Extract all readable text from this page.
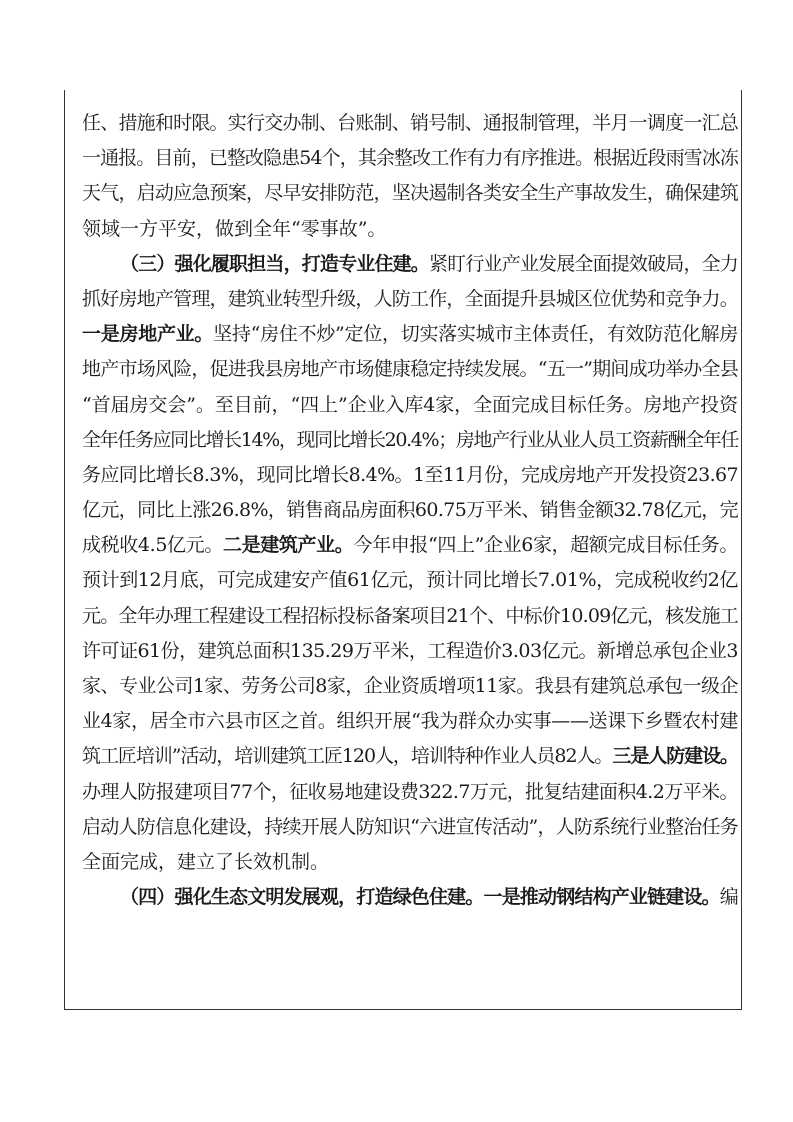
任、措施和时限。实行交办制、台账制、销号制、通报制管理，半月一调度一汇总
一通报。目前，已整改隐患54个，其余整改工作有力有序推进。根据近段雨雪冰冻
天气，启动应急预案，尽早安排防范，坚决遏制各类安全生产事故发生，确保建筑
领域一方平安，做到全年“零事故”。
（三）强化履职担当，打造专业住建。紧盯行业产业发展全面提效破局，全力
抓好房地产管理，建筑业转型升级，人防工作，全面提升县城区位优势和竞争力。
一是房地产业。坚持“房住不炒”定位，切实落实城市主体责任，有效防范化解房
地产市场风险，促进我县房地产市场健康稳定持续发展。“五一”期间成功举办全县
“首届房交会”。至目前，“四上”企业入库4家，全面完成目标任务。房地产投资
全年任务应同比增长14%，现同比增长20.4%；房地产行业从业人员工资薪酬全年任
务应同比增长8.3%，现同比增长8.4%。1至11月份，完成房地产开发投资23.67
亿元，同比上涨26.8%，销售商品房面积60.75万平米、销售金额32.78亿元，完
成税收4.5亿元。二是建筑产业。今年申报“四上”企业6家，超额完成目标任务。
预计到12月底，可完成建安产值61亿元，预计同比增长7.01%，完成税收约2亿
元。全年办理工程建设工程招标投标备案项目21个、中标价10.09亿元，核发施工
许可证61份，建筑总面积135.29万平米，工程造价3.03亿元。新增总承包企业3
家、专业公司1家、劳务公司8家，企业资质增项11家。我县有建筑总承包一级企
业4家，居全市六县市区之首。组织开展“我为群众办实事——送课下乡暨农村建
筑工匠培训”活动，培训建筑工匠120人，培训特种作业人员82人。三是人防建设。
办理人防报建项目77个，征收易地建设费322.7万元，批复结建面积4.2万平米。
启动人防信息化建设，持续开展人防知识“六进宣传活动”，人防系统行业整治任务
全面完成，建立了长效机制。
（四）强化生态文明发展观，打造绿色住建。一是推动钢结构产业链建设。编
